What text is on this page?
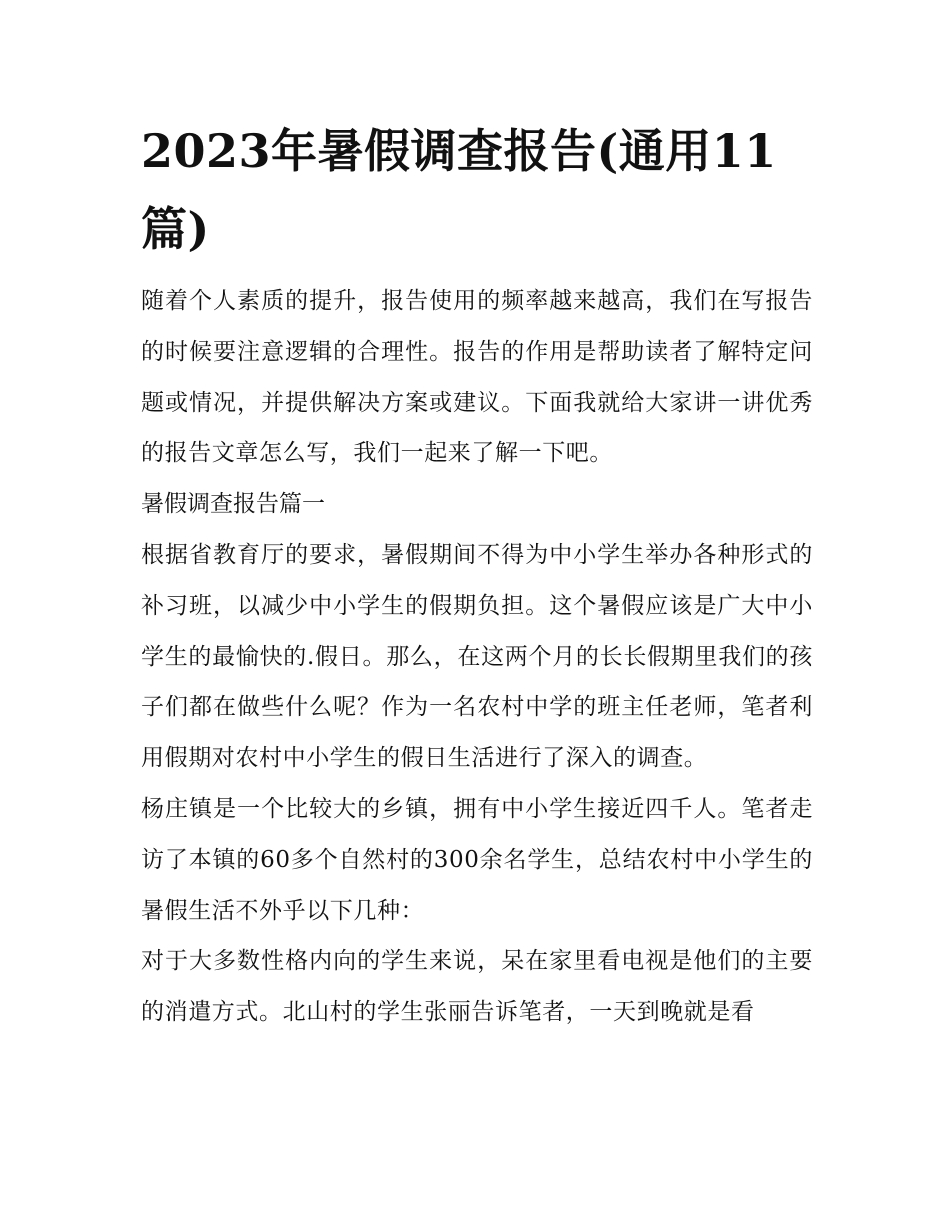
2023年暑假调查报告(通用11篇)

随着个人素质的提升，报告使用的频率越来越高，我们在写报告的时候要注意逻辑的合理性。报告的作用是帮助读者了解特定问题或情况，并提供解决方案或建议。下面我就给大家讲一讲优秀的报告文章怎么写，我们一起来了解一下吧。

暑假调查报告篇一

根据省教育厅的要求，暑假期间不得为中小学生举办各种形式的补习班，以减少中小学生的假期负担。这个暑假应该是广大中小学生的最愉快的.假日。那么，在这两个月的长长假期里我们的孩子们都在做些什么呢？作为一名农村中学的班主任老师，笔者利用假期对农村中小学生的假日生活进行了深入的调查。

杨庄镇是一个比较大的乡镇，拥有中小学生接近四千人。笔者走访了本镇的60多个自然村的300余名学生，总结农村中小学生的暑假生活不外乎以下几种：

对于大多数性格内向的学生来说，呆在家里看电视是他们的主要的消遣方式。北山村的学生张丽告诉笔者，一天到晚就是看
